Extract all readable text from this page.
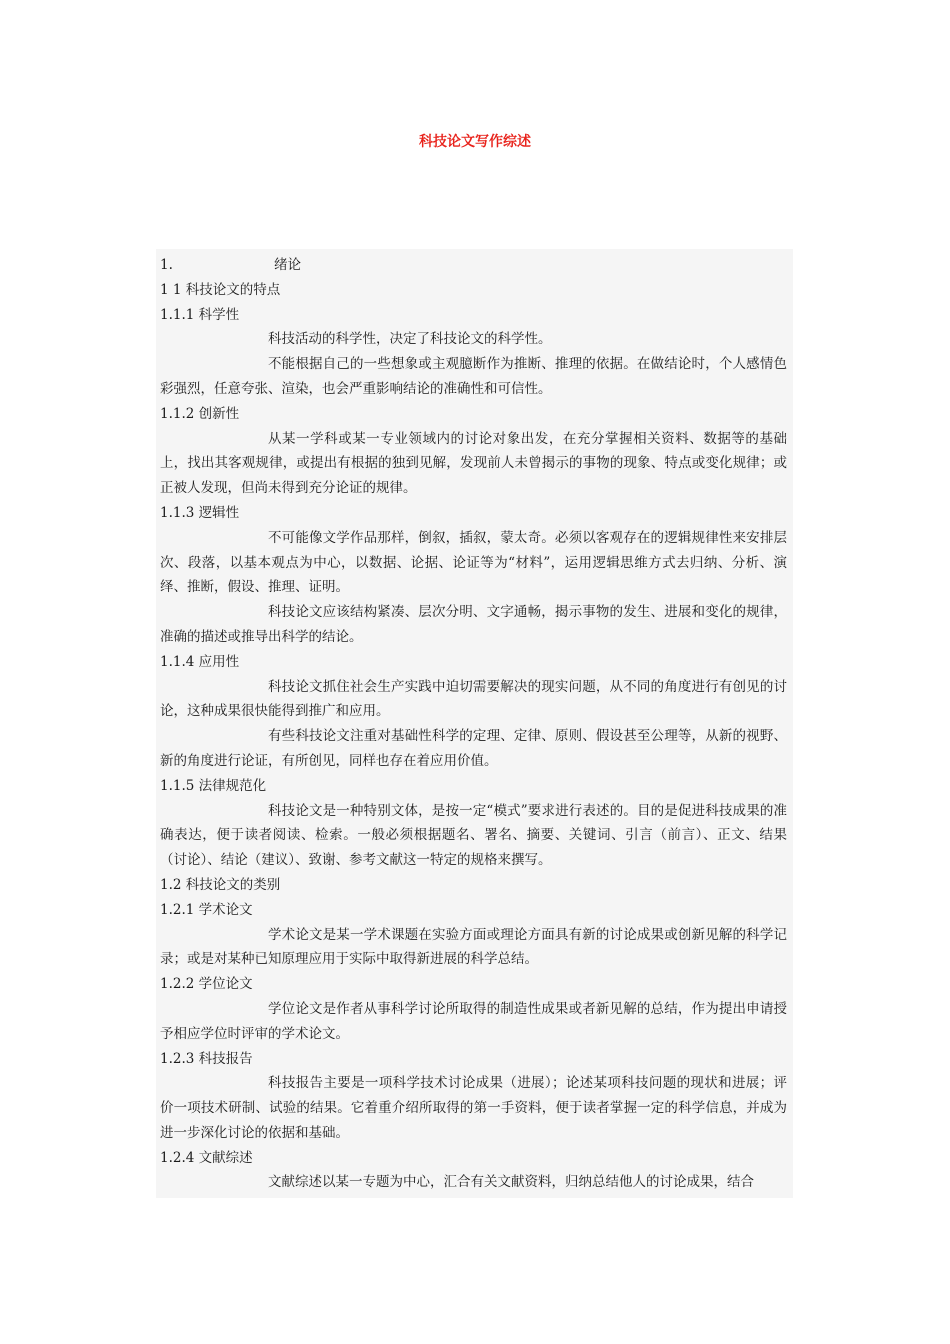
科技论文写作综述
1.	绪论
1 1 科技论文的特点
1.1.1 科学性

科技活动的科学性，决定了科技论文的科学性。

不能根据自己的一些想象或主观臆断作为推断、推理的依据。在做结论时，个人感情色彩强烈，任意夸张、渲染，也会严重影响结论的准确性和可信性。

1.1.2 创新性

从某一学科或某一专业领域内的讨论对象出发，在充分掌握相关资料、数据等的基础上，找出其客观规律，或提出有根据的独到见解，发现前人未曾揭示的事物的现象、特点或变化规律；或正被人发现，但尚未得到充分论证的规律。

1.1.3 逻辑性

不可能像文学作品那样，倒叙，插叙，蒙太奇。必须以客观存在的逻辑规律性来安排层次、段落，以基本观点为中心，以数据、论据、论证等为“材料”，运用逻辑思维方式去归纳、分析、演绎、推断，假设、推理、证明。

科技论文应该结构紧凑、层次分明、文字通畅，揭示事物的发生、进展和变化的规律，准确的描述或推导出科学的结论。

1.1.4 应用性

科技论文抓住社会生产实践中迫切需要解决的现实问题，从不同的角度进行有创见的讨论，这种成果很快能得到推广和应用。

有些科技论文注重对基础性科学的定理、定律、原则、假设甚至公理等，从新的视野、新的角度进行论证，有所创见，同样也存在着应用价值。

1.1.5 法律规范化

科技论文是一种特别文体，是按一定“模式”要求进行表述的。目的是促进科技成果的准确表达，便于读者阅读、检索。一般必须根据题名、署名、摘要、关键词、引言（前言）、正文、结果（讨论）、结论（建议）、致谢、参考文献这一特定的规格来撰写。

1.2 科技论文的类别
1.2.1 学术论文

学术论文是某一学术课题在实验方面或理论方面具有新的讨论成果或创新见解的科学记录；或是对某种已知原理应用于实际中取得新进展的科学总结。

1.2.2 学位论文

学位论文是作者从事科学讨论所取得的制造性成果或者新见解的总结，作为提出申请授予相应学位时评审的学术论文。

1.2.3 科技报告

科技报告主要是一项科学技术讨论成果（进展）；论述某项科技问题的现状和进展；评价一项技术研制、试验的结果。它着重介绍所取得的第一手资料，便于读者掌握一定的科学信息，并成为进一步深化讨论的依据和基础。

1.2.4 文献综述

文献综述以某一专题为中心，汇合有关文献资料，归纳总结他人的讨论成果，结合
